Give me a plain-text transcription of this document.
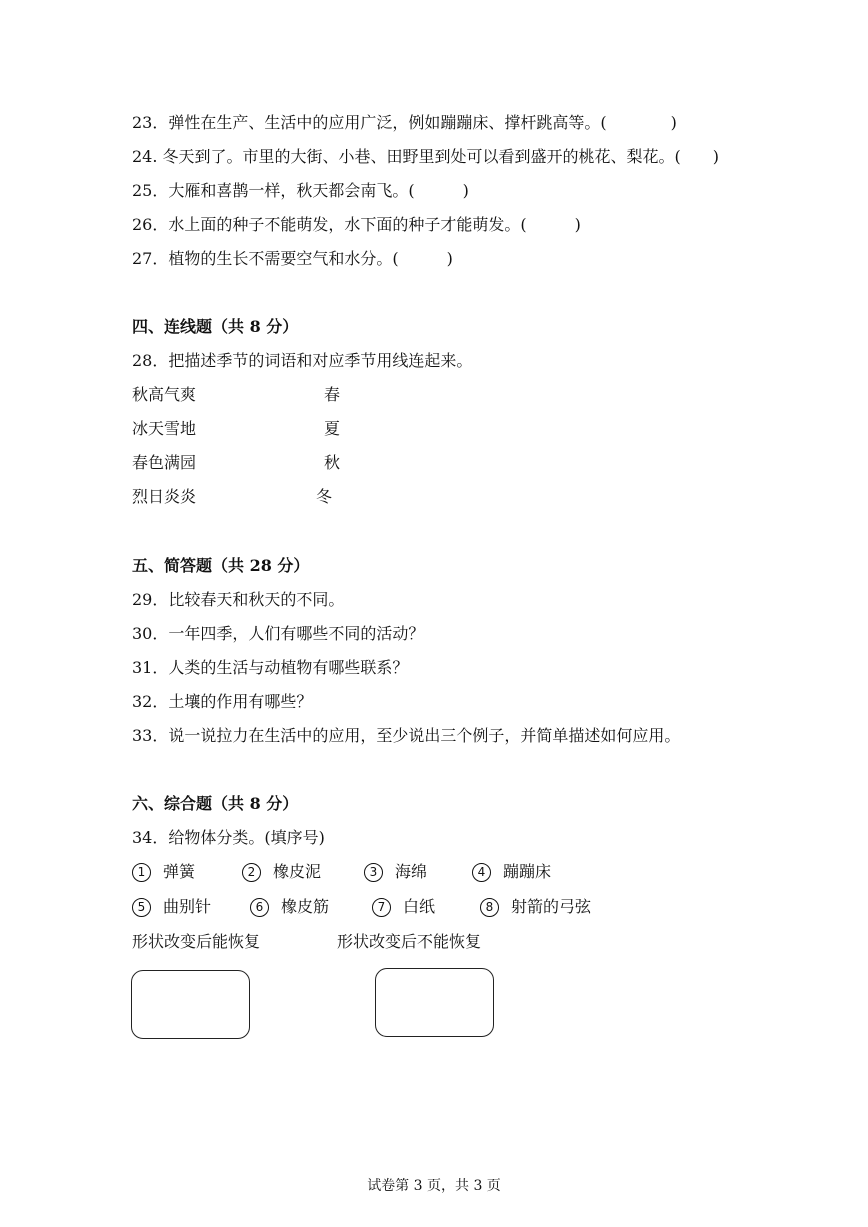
23．弹性在生产、生活中的应用广泛，例如蹦蹦床、撑杆跳高等。(　　　　)
24. 冬天到了。市里的大街、小巷、田野里到处可以看到盛开的桃花、梨花。(　　)
25．大雁和喜鹊一样，秋天都会南飞。(　　　)
26．水上面的种子不能萌发，水下面的种子才能萌发。(　　　)
27．植物的生长不需要空气和水分。(　　　)
四、连线题（共 8 分）
28．把描述季节的词语和对应季节用线连起来。
秋高气爽
冰天雪地
春色满园
烈日炎炎
春
夏
秋
冬
五、简答题（共 28 分）
29．比较春天和秋天的不同。
30．一年四季，人们有哪些不同的活动？
31．人类的生活与动植物有哪些联系？
32．土壤的作用有哪些？
33．说一说拉力在生活中的应用，至少说出三个例子，并简单描述如何应用。
六、综合题（共 8 分）
34．给物体分类。(填序号)
1 弹簧	2 橡皮泥	3 海绵	4 蹦蹦床
5 曲别针	6 橡皮筋	7 白纸	8 射箭的弓弦
形状改变后能恢复	形状改变后不能恢复
试卷第 3 页，共 3 页
